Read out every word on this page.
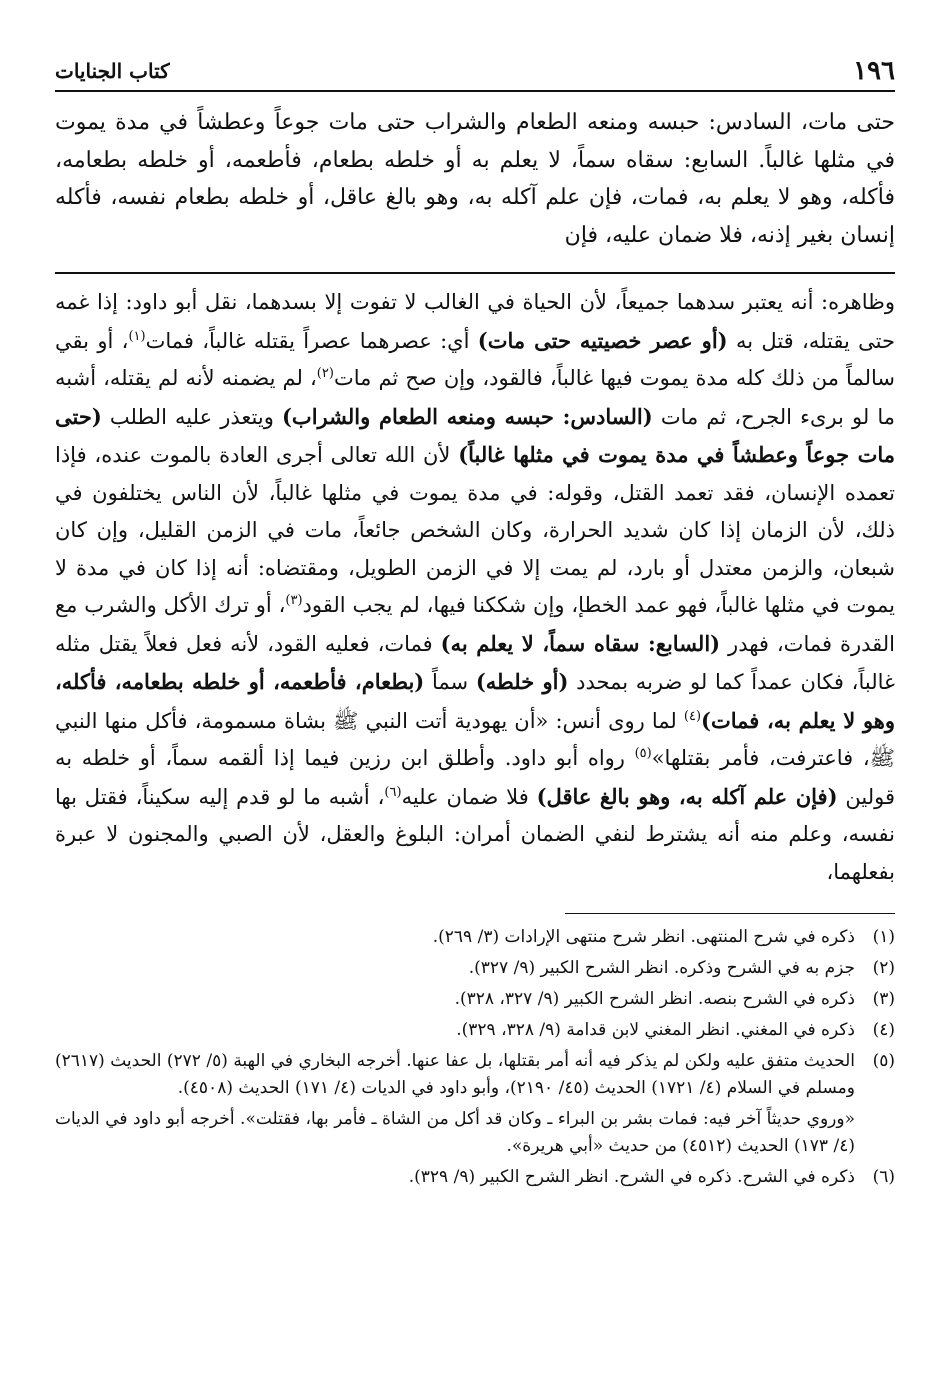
١٩٦
كتاب الجنايات

حتى مات، السادس: حبسه ومنعه الطعام والشراب حتى مات جوعاً وعطشاً في مدة يموت في مثلها غالباً. السابع: سقاه سماً، لا يعلم به أو خلطه بطعام، فأطعمه، أو خلطه بطعامه، فأكله، وهو لا يعلم به، فمات، فإن علم آكله به، وهو بالغ عاقل، أو خلطه بطعام نفسه، فأكله إنسان بغير إذنه، فلا ضمان عليه، فإن

وظاهره: أنه يعتبر سدهما جميعاً، لأن الحياة في الغالب لا تفوت إلا بسدهما، نقل أبو داود: إذا غمه حتى يقتله، قتل به (أو عصر خصيتيه حتى مات) أي: عصرهما عصراً يقتله غالباً، فمات$^{(١)}$، أو بقي سالماً من ذلك كله مدة يموت فيها غالباً، فالقود، وإن صح ثم مات$^{(٢)}$، لم يضمنه لأنه لم يقتله، أشبه ما لو برىء الجرح، ثم مات (السادس: حبسه ومنعه الطعام والشراب) ويتعذر عليه الطلب (حتى مات جوعاً وعطشاً في مدة يموت في مثلها غالباً) لأن الله تعالى أجرى العادة بالموت عنده، فإذا تعمده الإنسان، فقد تعمد القتل، وقوله: في مدة يموت في مثلها غالباً، لأن الناس يختلفون في ذلك، لأن الزمان إذا كان شديد الحرارة، وكان الشخص جائعاً، مات في الزمن القليل، وإن كان شبعان، والزمن معتدل أو بارد، لم يمت إلا في الزمن الطويل، ومقتضاه: أنه إذا كان في مدة لا يموت في مثلها غالباً، فهو عمد الخطإ، وإن شككنا فيها، لم يجب القود$^{(٣)}$، أو ترك الأكل والشرب مع القدرة فمات، فهدر (السابع: سقاه سماً، لا يعلم به) فمات، فعليه القود، لأنه فعل فعلاً يقتل مثله غالباً، فكان عمداً كما لو ضربه بمحدد (أو خلطه) سماً (بطعام، فأطعمه، أو خلطه بطعامه، فأكله، وهو لا يعلم به، فمات)$^{(٤)}$ لما روى أنس: «أن يهودية أتت النبي ﷺ بشاة مسمومة، فأكل منها النبي ﷺ، فاعترفت، فأمر بقتلها»$^{(٥)}$ رواه أبو داود. وأطلق ابن رزين فيما إذا ألقمه سماً، أو خلطه به قولين (فإن علم آكله به، وهو بالغ عاقل) فلا ضمان عليه$^{(٦)}$، أشبه ما لو قدم إليه سكيناً، فقتل بها نفسه، وعلم منه أنه يشترط لنفي الضمان أمران: البلوغ والعقل، لأن الصبي والمجنون لا عبرة بفعلهما،

(١)
ذكره في شرح المنتهى. انظر شرح منتهى الإرادات (٣/ ٢٦٩).
(٢)
جزم به في الشرح وذكره. انظر الشرح الكبير (٩/ ٣٢٧).
(٣)
ذكره في الشرح بنصه. انظر الشرح الكبير (٩/ ٣٢٧، ٣٢٨).
(٤)
ذكره في المغني. انظر المغني لابن قدامة (٩/ ٣٢٨، ٣٢٩).
(٥)
الحديث متفق عليه ولكن لم يذكر فيه أنه أمر بقتلها، بل عفا عنها. أخرجه البخاري في الهبة (٥/ ٢٧٢) الحديث (٢٦١٧) ومسلم في السلام (٤/ ١٧٢١) الحديث (٤٥/ ٢١٩٠)، وأبو داود في الديات (٤/ ١٧١) الحديث (٤٥٠٨).
«وروي حديثاً آخر فيه: فمات بشر بن البراء ـ وكان قد أكل من الشاة ـ فأمر بها، فقتلت». أخرجه أبو داود في الديات (٤/ ١٧٣) الحديث (٤٥١٢) من حديث «أبي هريرة».
(٦)
ذكره في الشرح. ذكره في الشرح. انظر الشرح الكبير (٩/ ٣٢٩).
